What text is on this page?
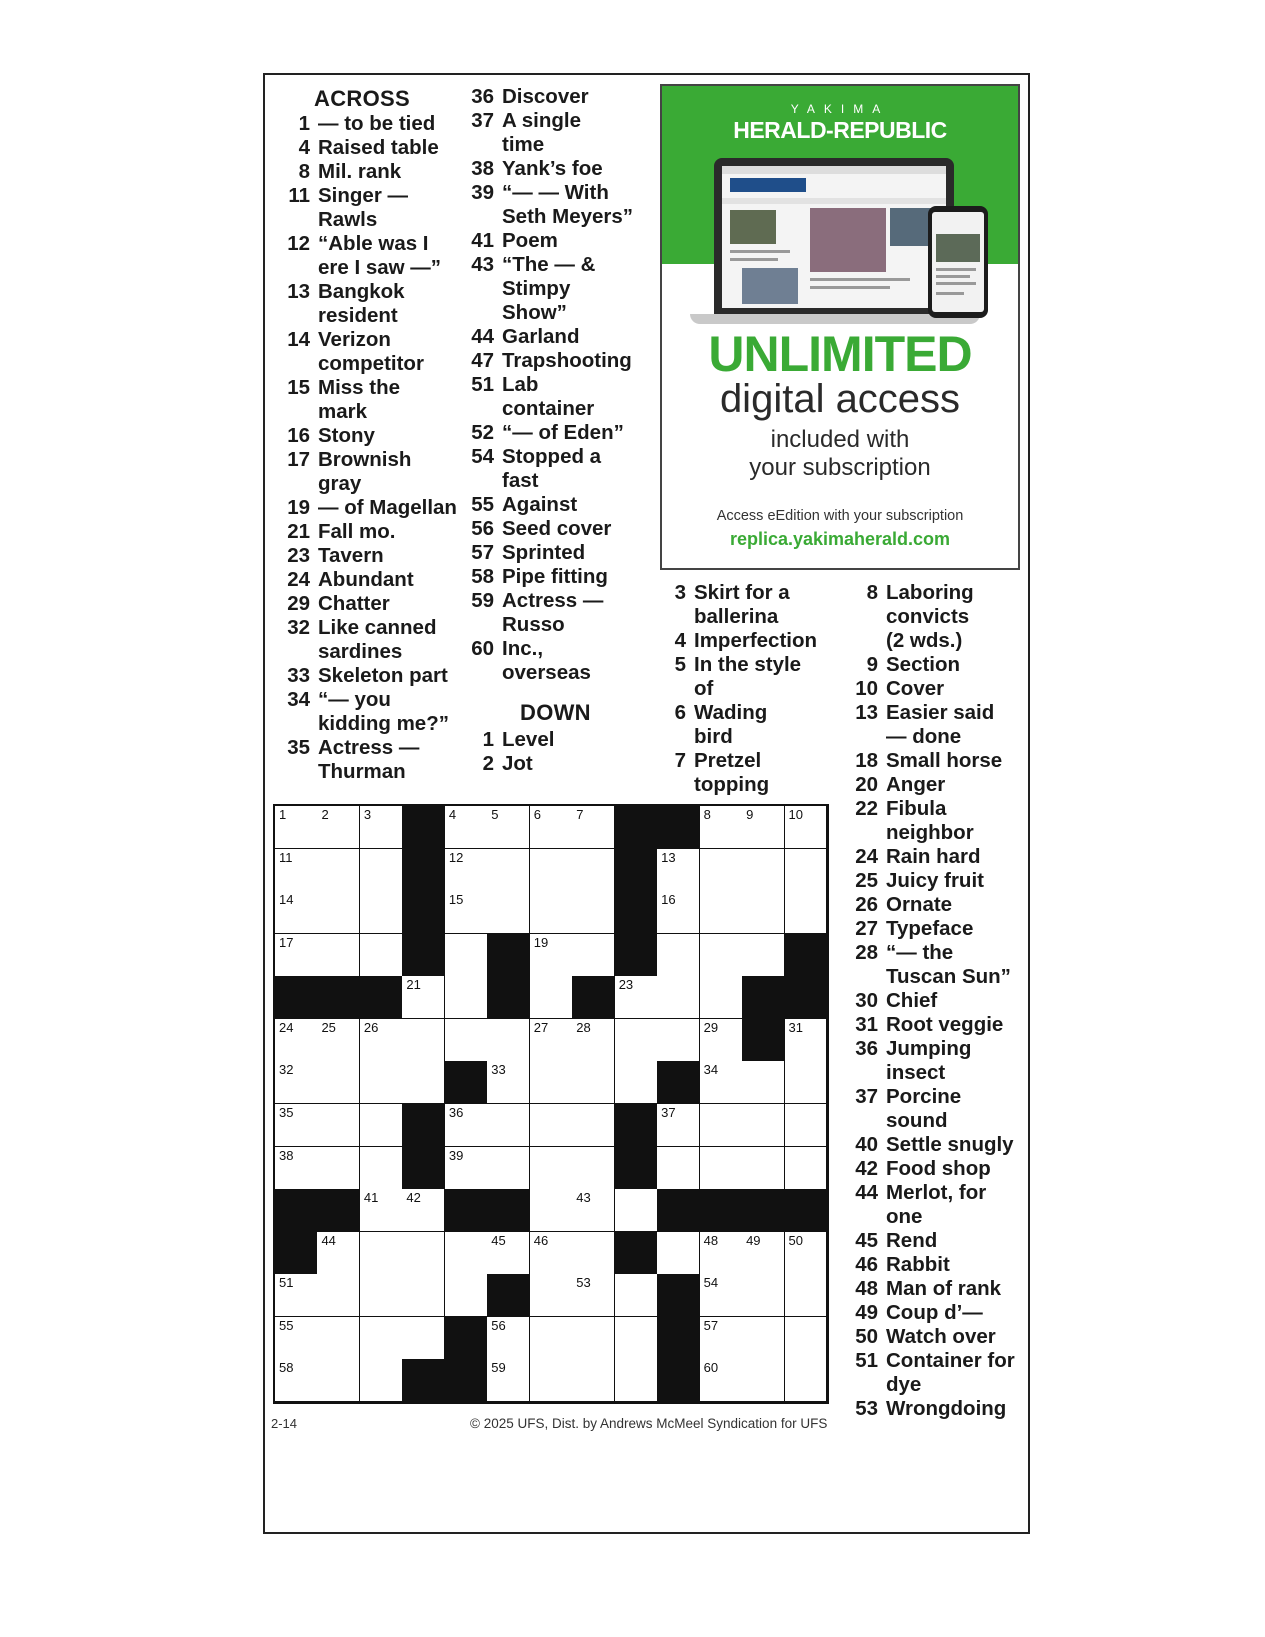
ACROSS
1 — to be tied
4 Raised table
8 Mil. rank
11 Singer —
Rawls
12 “Able was I
ere I saw —”
13 Bangkok
resident
14 Verizon
competitor
15 Miss the
mark
16 Stony
17 Brownish
gray
19 — of Magellan
21 Fall mo.
23 Tavern
24 Abundant
29 Chatter
32 Like canned
sardines
33 Skeleton part
34 “— you
kidding me?”
35 Actress —
Thurman
36 Discover
37 A single
time
38 Yank’s foe
39 “— — With
Seth Meyers”
41 Poem
43 “The — &
Stimpy
Show”
44 Garland
47 Trapshooting
51 Lab
container
52 “— of Eden”
54 Stopped a
fast
55 Against
56 Seed cover
57 Sprinted
58 Pipe fitting
59 Actress —
Russo
60 Inc.,
overseas
DOWN
1 Level
2 Jot
3 Skirt for a
ballerina
4 Imperfection
5 In the style
of
6 Wading
bird
7 Pretzel
topping
8 Laboring
convicts
(2 wds.)
9 Section
10 Cover
13 Easier said
— done
18 Small horse
20 Anger
22 Fibula
neighbor
24 Rain hard
25 Juicy fruit
26 Ornate
27 Typeface
28 “— the
Tuscan Sun”
30 Chief
31 Root veggie
36 Jumping
insect
37 Porcine
sound
40 Settle snugly
42 Food shop
44 Merlot, for
one
45 Rend
46 Rabbit
48 Man of rank
49 Coup d’—
50 Watch over
51 Container for
dye
53 Wrongdoing
YAKIMA
HERALD-REPUBLIC
UNLIMITED
digital access
included with
your subscription
Access eEdition with your subscription
replica.yakimaherald.com
1	2	3	4	5	6	7	8	9	10
11	12	13
14	15	16
17	19
21	23
24 25 26	27 28	29	31
32	33	34
35	36	37
38	39
41 42	43
44	45 46	48 49 50
51	53	54
55	56	57
58	59	60
2-14	© 2025 UFS, Dist. by Andrews McMeel Syndication for UFS
